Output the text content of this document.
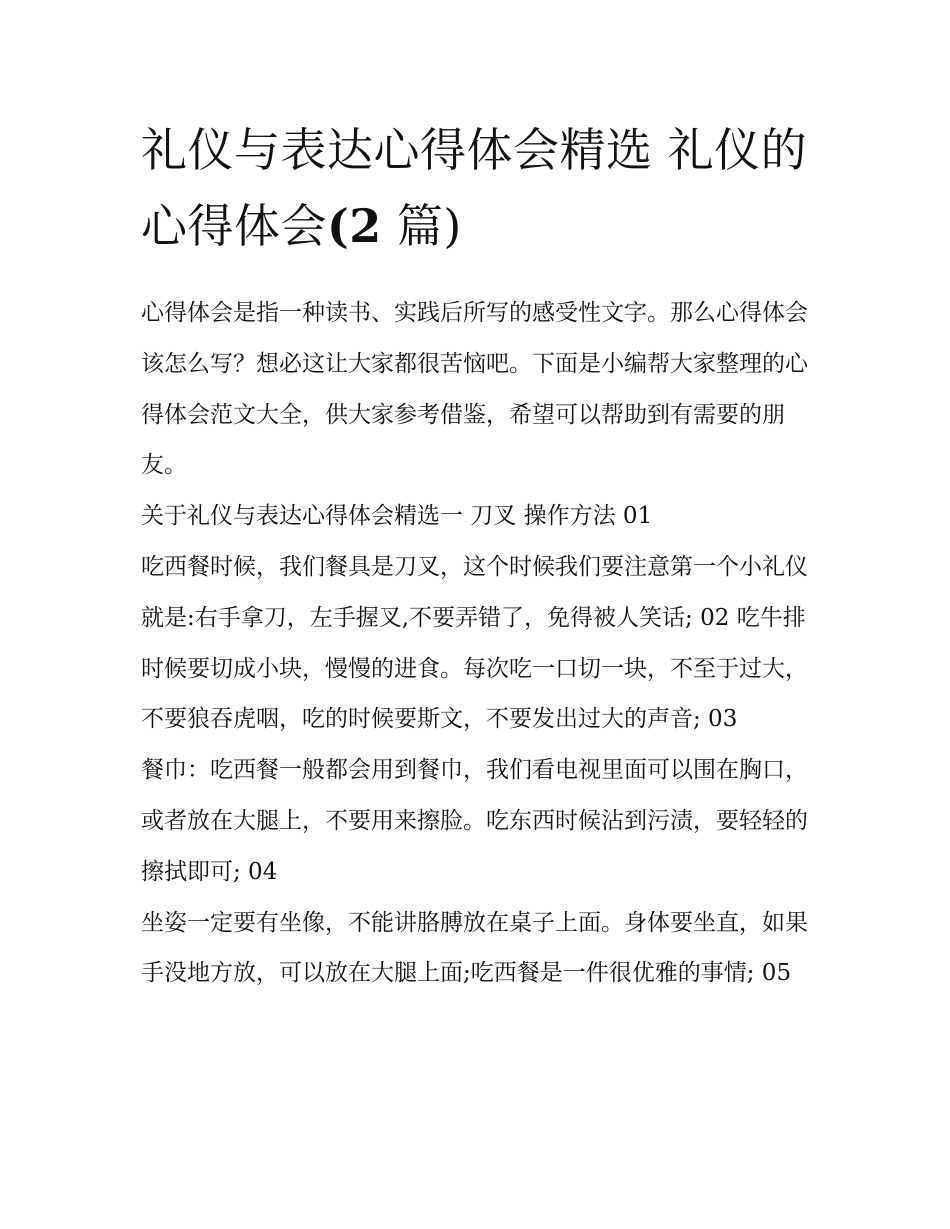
礼仪与表达心得体会精选 礼仪的心得体会(2 篇)

心得体会是指一种读书、实践后所写的感受性文字。那么心得体会该怎么写？想必这让大家都很苦恼吧。下面是小编帮大家整理的心得体会范文大全，供大家参考借鉴，希望可以帮助到有需要的朋友。

关于礼仪与表达心得体会精选一 刀叉 操作方法 01

吃西餐时候，我们餐具是刀叉，这个时候我们要注意第一个小礼仪就是:右手拿刀，左手握叉,不要弄错了，免得被人笑话; 02 吃牛排时候要切成小块，慢慢的进食。每次吃一口切一块，不至于过大，不要狼吞虎咽，吃的时候要斯文，不要发出过大的声音; 03

餐巾：吃西餐一般都会用到餐巾，我们看电视里面可以围在胸口，或者放在大腿上，不要用来擦脸。吃东西时候沾到污渍，要轻轻的擦拭即可; 04

坐姿一定要有坐像，不能讲胳膊放在桌子上面。身体要坐直，如果手没地方放，可以放在大腿上面;吃西餐是一件很优雅的事情; 05
